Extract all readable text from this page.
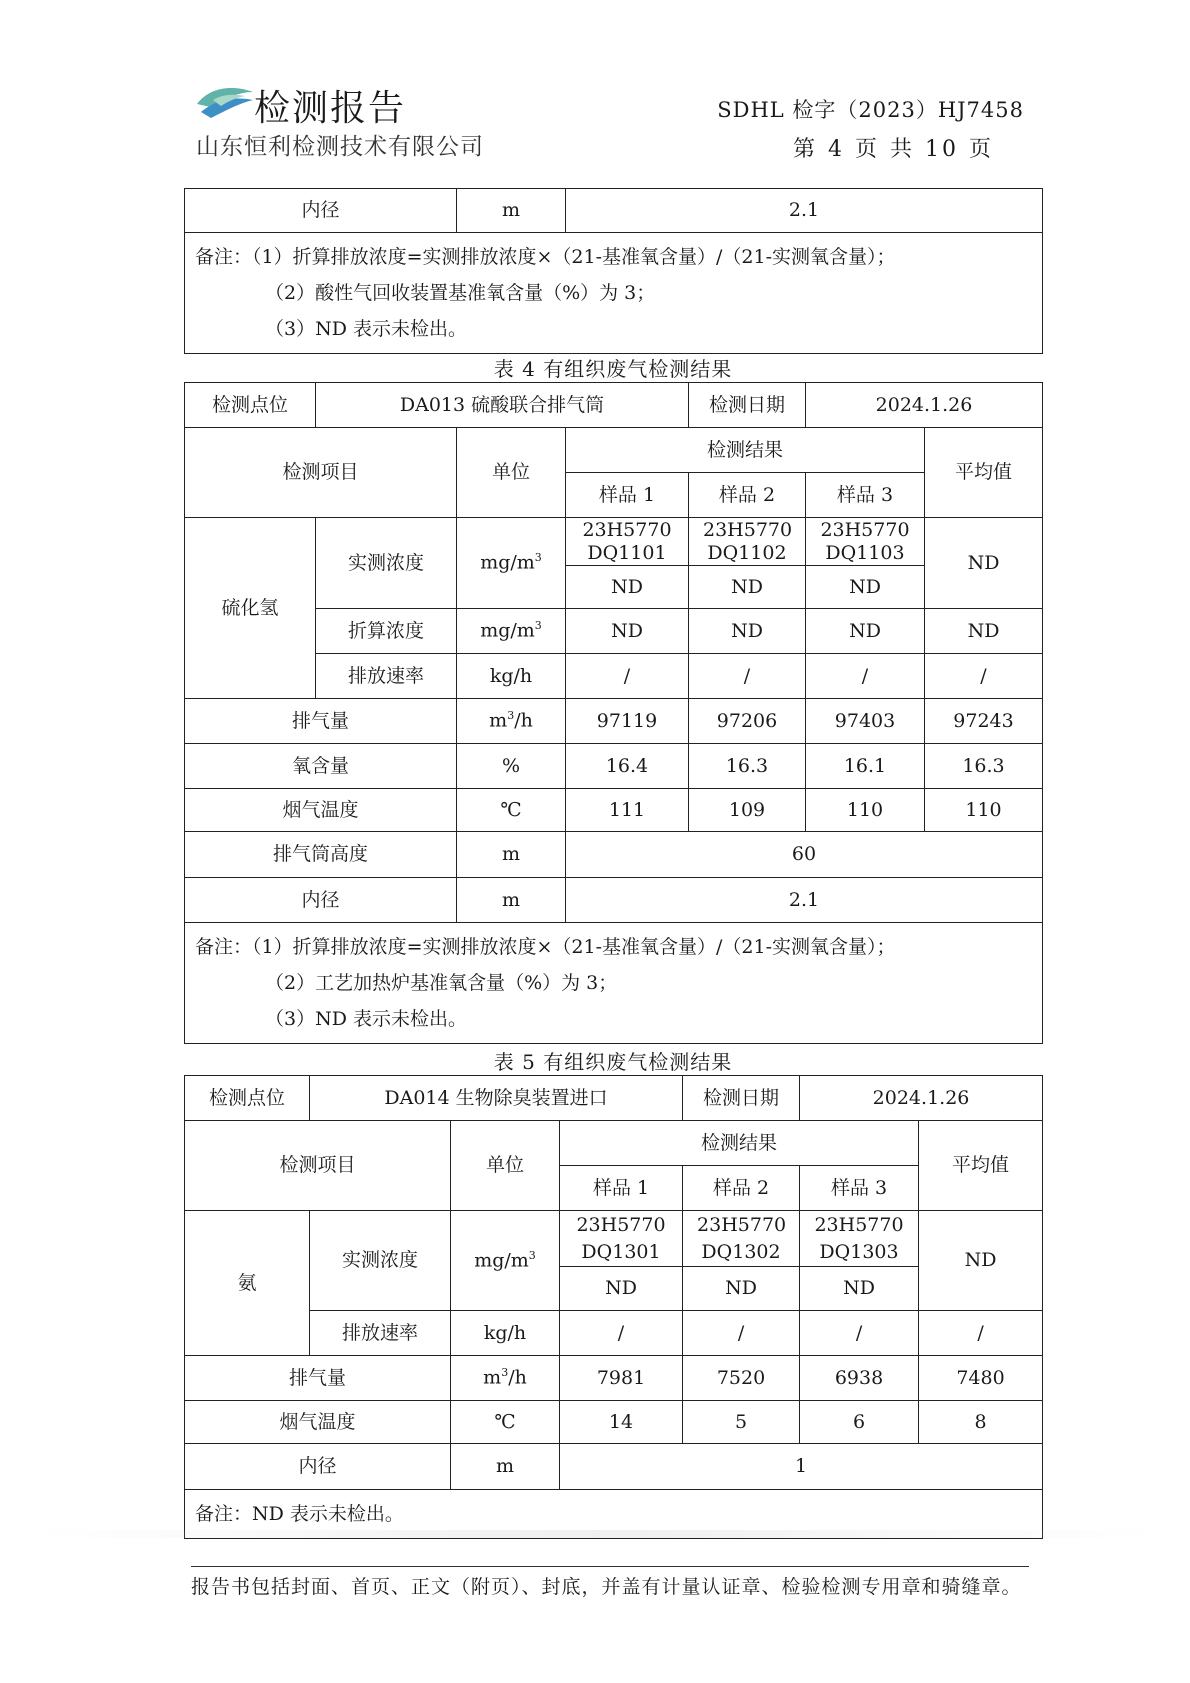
检测报告
山东恒利检测技术有限公司
SDHL 检字（2023）HJ7458
第 4 页 共 10 页
内径	m	2.1

备注：（1）折算排放浓度=实测排放浓度×（21-基准氧含量）/（21-实测氧含量）；
（2）酸性气回收装置基准氧含量（%）为 3；
（3）ND 表示未检出。
表 4 有组织废气检测结果
检测点位	DA013 硫酸联合排气筒			检测日期	2024.1.26	
检测项目		单位	检测结果			平均值
			样品 1	样品 2	样品 3	
硫化氢	实测浓度	$mg/m^3$	23H5770 DQ1101	23H5770 DQ1102	23H5770 DQ1103	ND
			ND	ND	ND	
	折算浓度	$mg/m^3$	ND	ND	ND	ND
	排放速率	kg/h	/	/	/	/
排气量		$m^3/h$	97119	97206	97403	97243
氧含量		%	16.4	16.3	16.1	16.3
烟气温度		℃	111	109	110	110
排气筒高度		m	60			
内径		m	2.1			

备注：（1）折算排放浓度=实测排放浓度×（21-基准氧含量）/（21-实测氧含量）；
（2）工艺加热炉基准氧含量（%）为 3；
（3）ND 表示未检出。						
表 5 有组织废气检测结果
检测点位	DA014 生物除臭装置进口			检测日期	2024.1.26	
检测项目		单位	检测结果			平均值
			样品 1	样品 2	样品 3	
氨	实测浓度	$mg/m^3$	23H5770 DQ1301	23H5770 DQ1302	23H5770 DQ1303	ND
			ND	ND	ND	
	排放速率	kg/h	/	/	/	/
排气量		$m^3/h$	7981	7520	6938	7480
烟气温度		℃	14	5	6	8
内径		m	1			
备注：ND 表示未检出。						
报告书包括封面、首页、正文（附页）、封底，并盖有计量认证章、检验检测专用章和骑缝章。
